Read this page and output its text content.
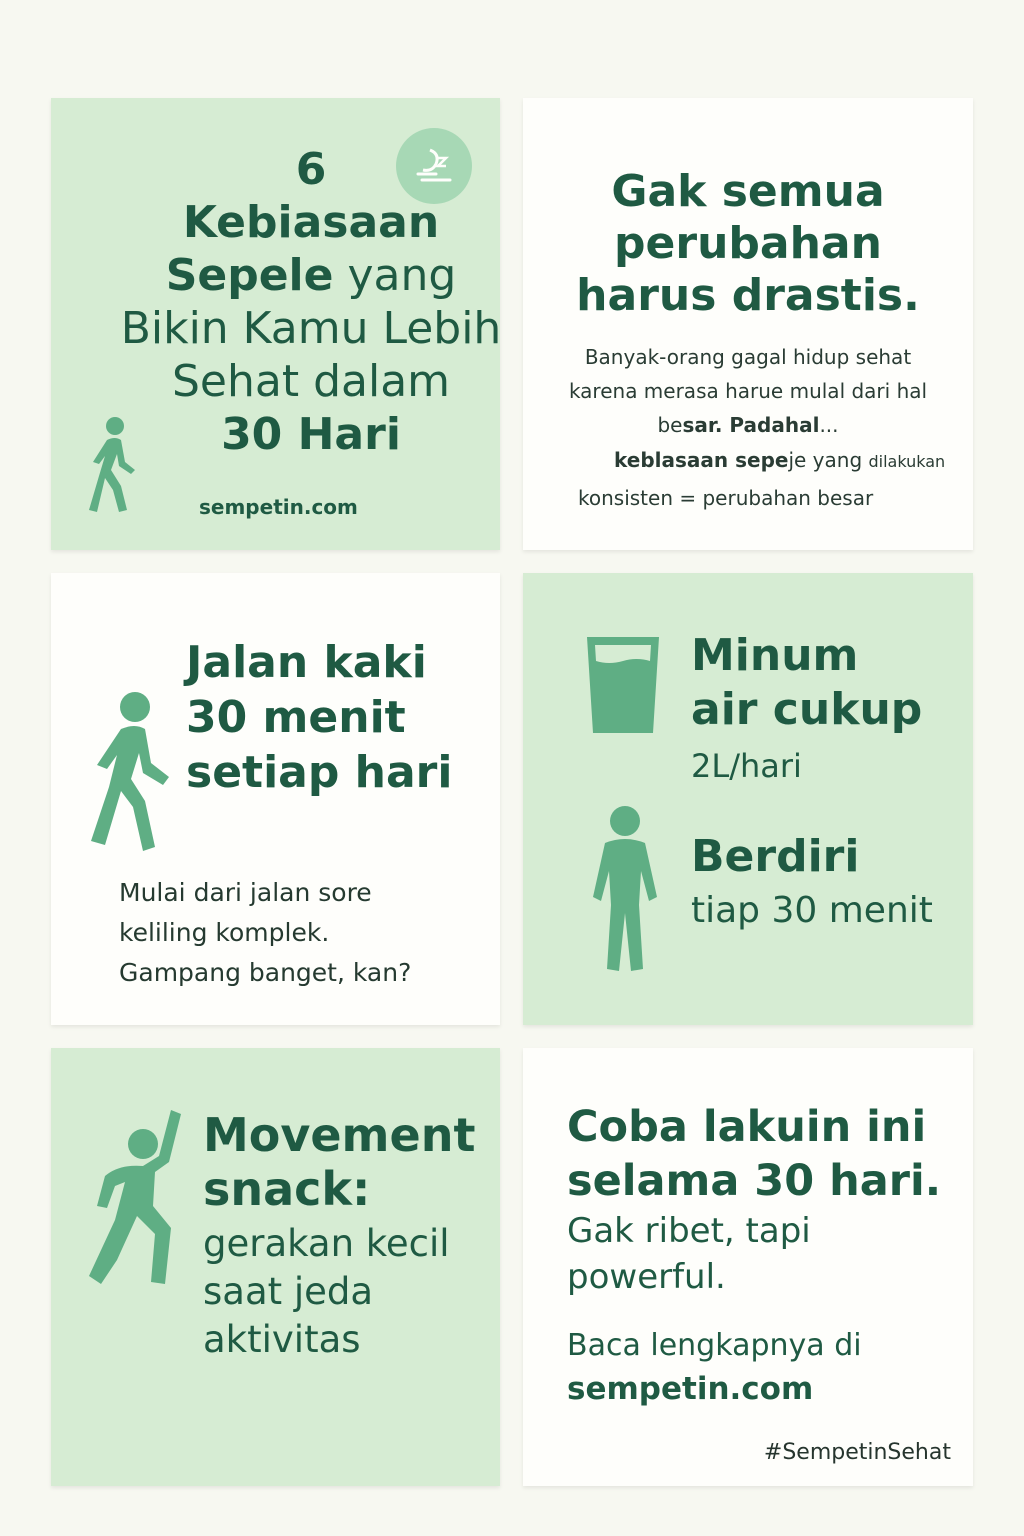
6
Kebiasaan
Sepele yang
Bikin Kamu Lebih
Sehat dalam
30 Hari
sempetin.com
Gak semua
perubahan
harus drastis.
Banyak-orang gagal hidup sehat
karena merasa harue mulal dari hal
besar. Padahal...
keblasaan sepeje yang dilakukan
konsisten = perubahan besar
Jalan kaki
30 menit
setiap hari
Mulai dari jalan sore
keliling komplek.
Gampang banget, kan?
Minum
air cukup
2L/hari
Berdiri
tiap 30 menit
Movement
snack:
gerakan kecil
saat jeda
aktivitas
Coba lakuin ini
selama 30 hari.
Gak ribet, tapi
powerful.
Baca lengkapnya di
sempetin.com
#SempetinSehat
